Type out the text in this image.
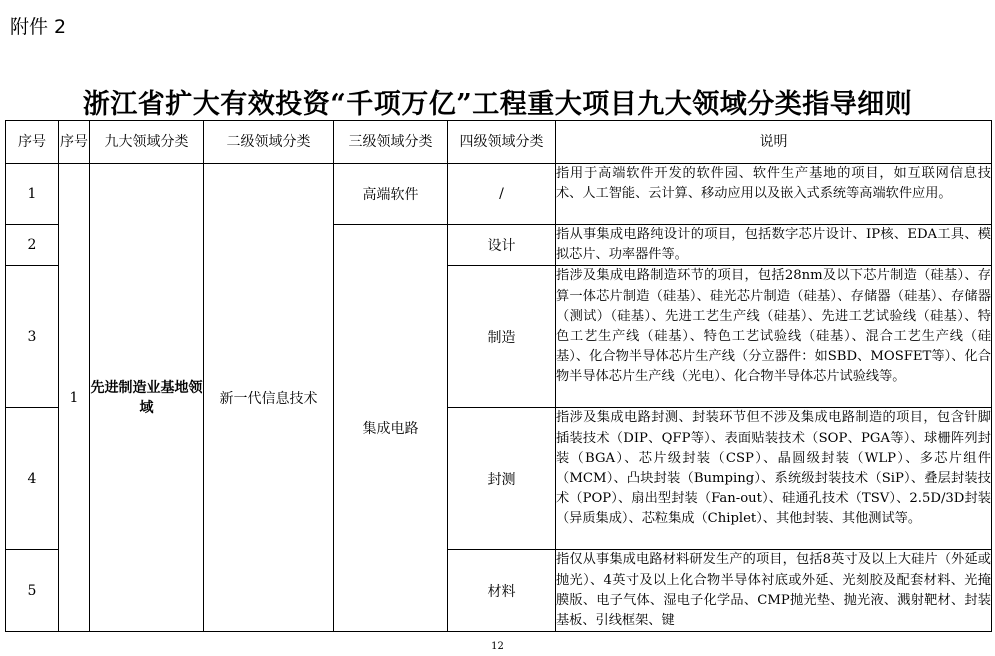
附件 2
浙江省扩大有效投资“千项万亿”工程重大项目九大领域分类指导细则
序号	序号	九大领域分类	二级领域分类	三级领域分类	四级领域分类	说明
1	1	先进制造业基地领域	新一代信息技术	高端软件	/	指用于高端软件开发的软件园、软件生产基地的项目，如互联网信息技术、人工智能、云计算、移动应用以及嵌入式系统等高端软件应用。
2				集成电路	设计	指从事集成电路纯设计的项目，包括数字芯片设计、IP核、EDA工具、模拟芯片、功率器件等。
3					制造	指涉及集成电路制造环节的项目，包括28nm及以下芯片制造（硅基）、存算一体芯片制造（硅基）、硅光芯片制造（硅基）、存储器（硅基）、存储器（测试）（硅基）、先进工艺生产线（硅基）、先进工艺试验线（硅基）、特色工艺生产线（硅基）、特色工艺试验线（硅基）、混合工艺生产线（硅基）、化合物半导体芯片生产线（分立器件：如SBD、MOSFET等）、化合物半导体芯片生产线（光电）、化合物半导体芯片试验线等。
4					封测	指涉及集成电路封测、封装环节但不涉及集成电路制造的项目，包含针脚插装技术（DIP、QFP等）、表面贴装技术（SOP、PGA等）、球栅阵列封装（BGA）、芯片级封装（CSP）、晶圆级封装（WLP）、多芯片组件（MCM）、凸块封装（Bumping）、系统级封装技术（SiP）、叠层封装技术（POP）、扇出型封装（Fan-out）、硅通孔技术（TSV）、2.5D/3D封装（异质集成）、芯粒集成（Chiplet）、其他封装、其他测试等。
5					材料	指仅从事集成电路材料研发生产的项目，包括8英寸及以上大硅片（外延或抛光）、4英寸及以上化合物半导体衬底或外延、光刻胶及配套材料、光掩膜版、电子气体、湿电子化学品、CMP抛光垫、抛光液、溅射靶材、封装基板、引线框架、键
12
